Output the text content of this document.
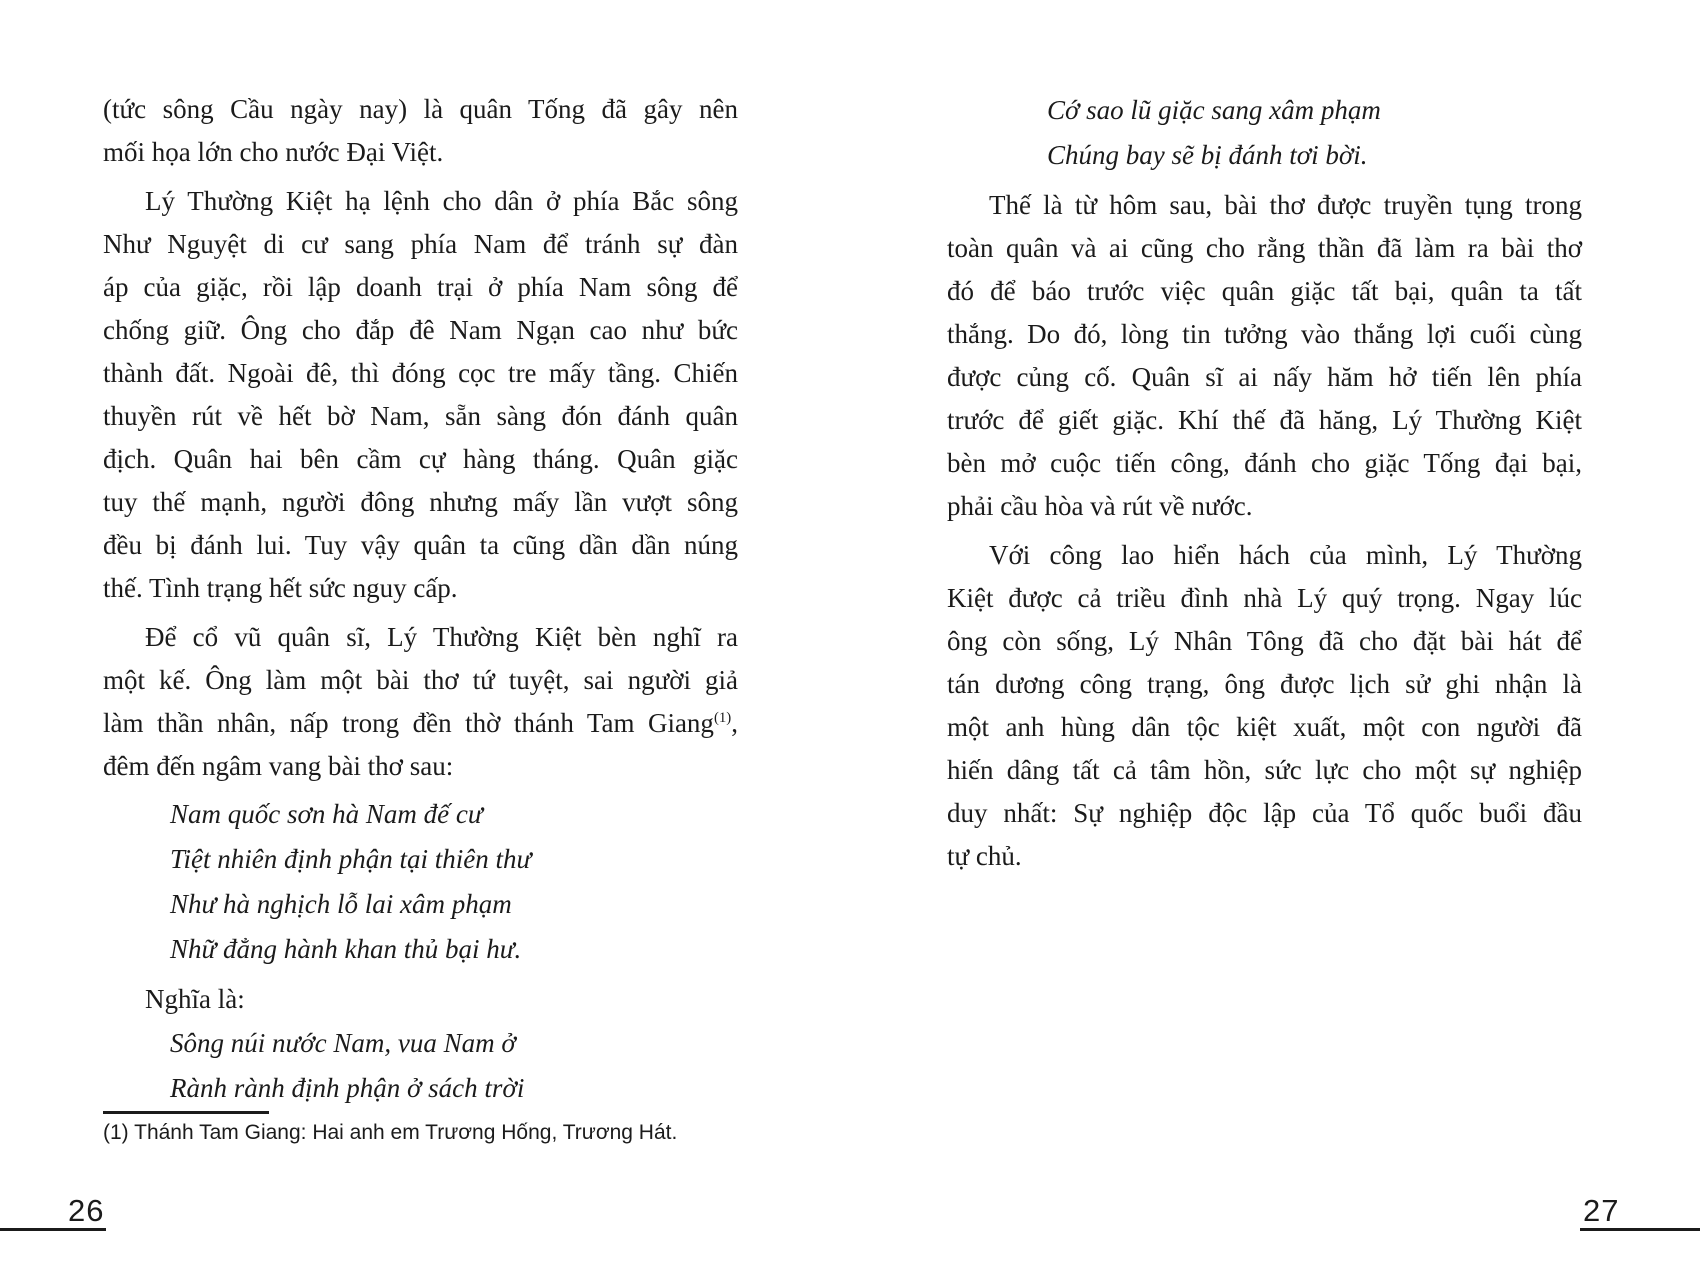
(tức sông Cầu ngày nay) là quân Tống đã gây nên
mối họa lớn cho nước Đại Việt.
Lý Thường Kiệt hạ lệnh cho dân ở phía Bắc sông
Như Nguyệt di cư sang phía Nam để tránh sự đàn
áp của giặc, rồi lập doanh trại ở phía Nam sông để
chống giữ. Ông cho đắp đê Nam Ngạn cao như bức
thành đất. Ngoài đê, thì đóng cọc tre mấy tầng. Chiến
thuyền rút về hết bờ Nam, sẵn sàng đón đánh quân
địch. Quân hai bên cầm cự hàng tháng. Quân giặc
tuy thế mạnh, người đông nhưng mấy lần vượt sông
đều bị đánh lui. Tuy vậy quân ta cũng dần dần núng
thế. Tình trạng hết sức nguy cấp.
Để cổ vũ quân sĩ, Lý Thường Kiệt bèn nghĩ ra
một kế. Ông làm một bài thơ tứ tuyệt, sai người giả
làm thần nhân, nấp trong đền thờ thánh Tam Giang$^{(1)}$,
đêm đến ngâm vang bài thơ sau:
Nam quốc sơn hà Nam đế cư
Tiệt nhiên định phận tại thiên thư
Như hà nghịch lỗ lai xâm phạm
Nhữ đẳng hành khan thủ bại hư.
Nghĩa là:
Sông núi nước Nam, vua Nam ở
Rành rành định phận ở sách trời
(1) Thánh Tam Giang: Hai anh em Trương Hống, Trương Hát.
26
Cớ sao lũ giặc sang xâm phạm
Chúng bay sẽ bị đánh tơi bời.
Thế là từ hôm sau, bài thơ được truyền tụng trong
toàn quân và ai cũng cho rằng thần đã làm ra bài thơ
đó để báo trước việc quân giặc tất bại, quân ta tất
thắng. Do đó, lòng tin tưởng vào thắng lợi cuối cùng
được củng cố. Quân sĩ ai nấy hăm hở tiến lên phía
trước để giết giặc. Khí thế đã hăng, Lý Thường Kiệt
bèn mở cuộc tiến công, đánh cho giặc Tống đại bại,
phải cầu hòa và rút về nước.
Với công lao hiển hách của mình, Lý Thường
Kiệt được cả triều đình nhà Lý quý trọng. Ngay lúc
ông còn sống, Lý Nhân Tông đã cho đặt bài hát để
tán dương công trạng, ông được lịch sử ghi nhận là
một anh hùng dân tộc kiệt xuất, một con người đã
hiến dâng tất cả tâm hồn, sức lực cho một sự nghiệp
duy nhất: Sự nghiệp độc lập của Tổ quốc buổi đầu
tự chủ.
27
